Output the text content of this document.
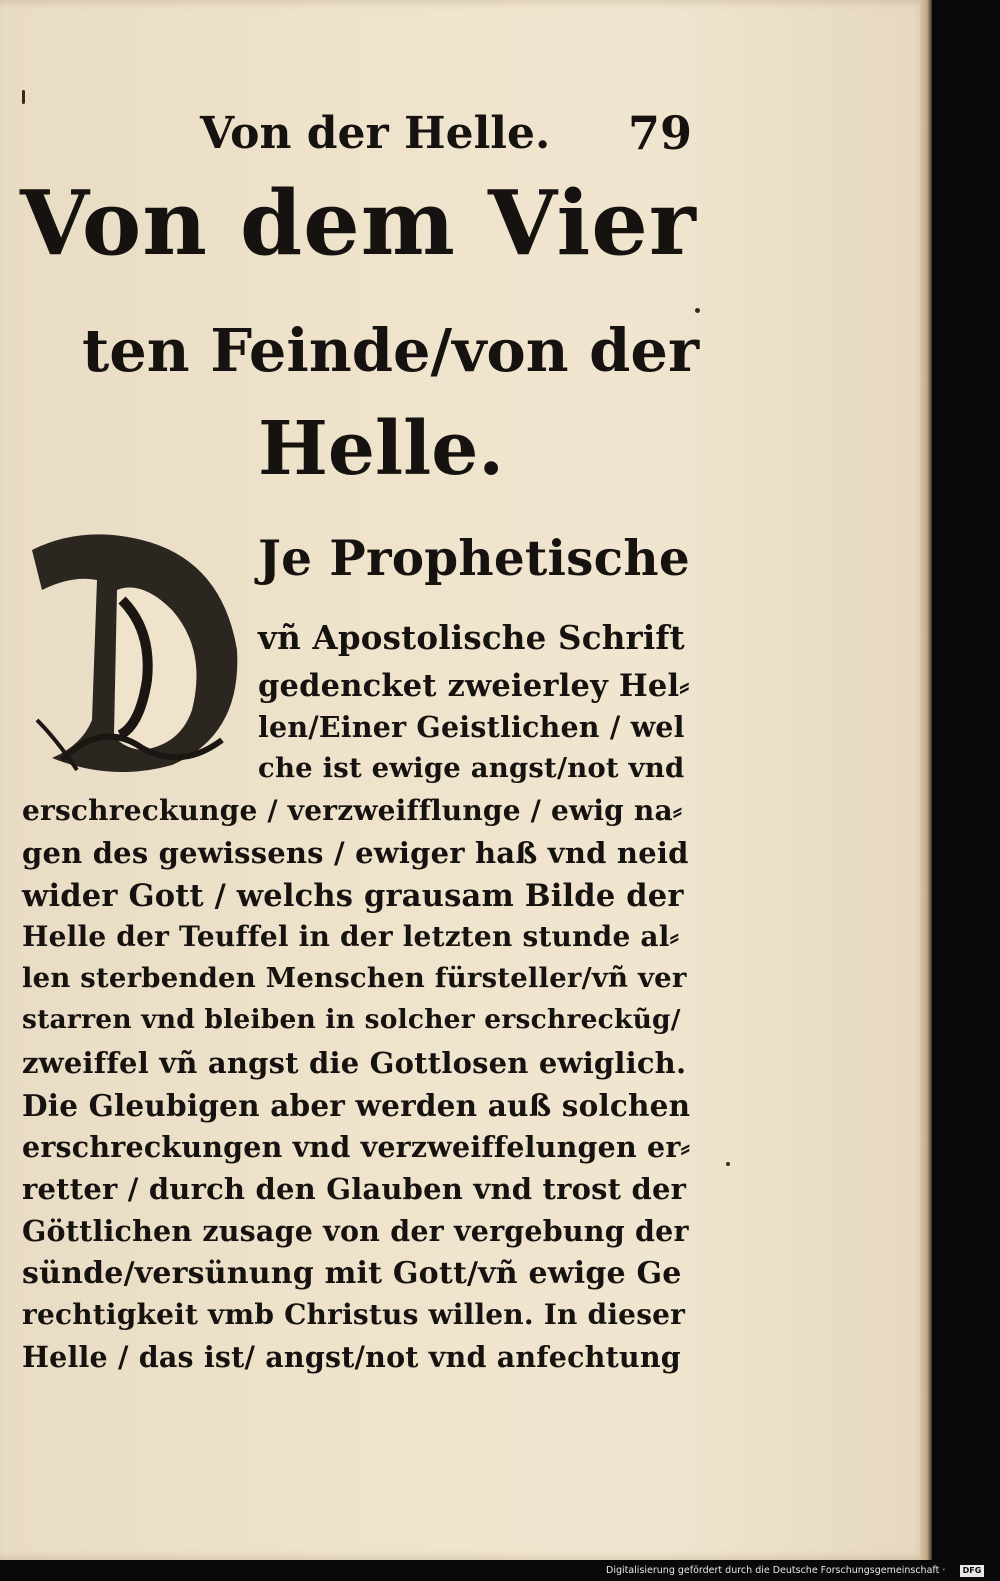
Von der Helle. 79
Von dem Vier
ten Feinde/von der
Helle.
Je Prophetische
vñ Apostolische Schrift
gedencket zweierley Hel⸗
len/Einer Geistlichen / wel
che ist ewige angst/not vnd
erschreckunge / verzweifflunge / ewig na⸗
gen des gewissens / ewiger haß vnd neid
wider Gott / welchs grausam Bilde der
Helle der Teuffel in der letzten stunde al⸗
len sterbenden Menschen fürsteller/vñ ver
starren vnd bleiben in solcher erschreckũg/
zweiffel vñ angst die Gottlosen ewiglich.
Die Gleubigen aber werden auß solchen
erschreckungen vnd verzweiffelungen er⸗
retter / durch den Glauben vnd trost der
Göttlichen zusage von der vergebung der
sünde/versünung mit Gott/vñ ewige Ge
rechtigkeit vmb Christus willen. In dieser
Helle / das ist/ angst/not vnd anfechtung
Digitalisierung gefördert durch die Deutsche Forschungsgemeinschaft ·	DFG
